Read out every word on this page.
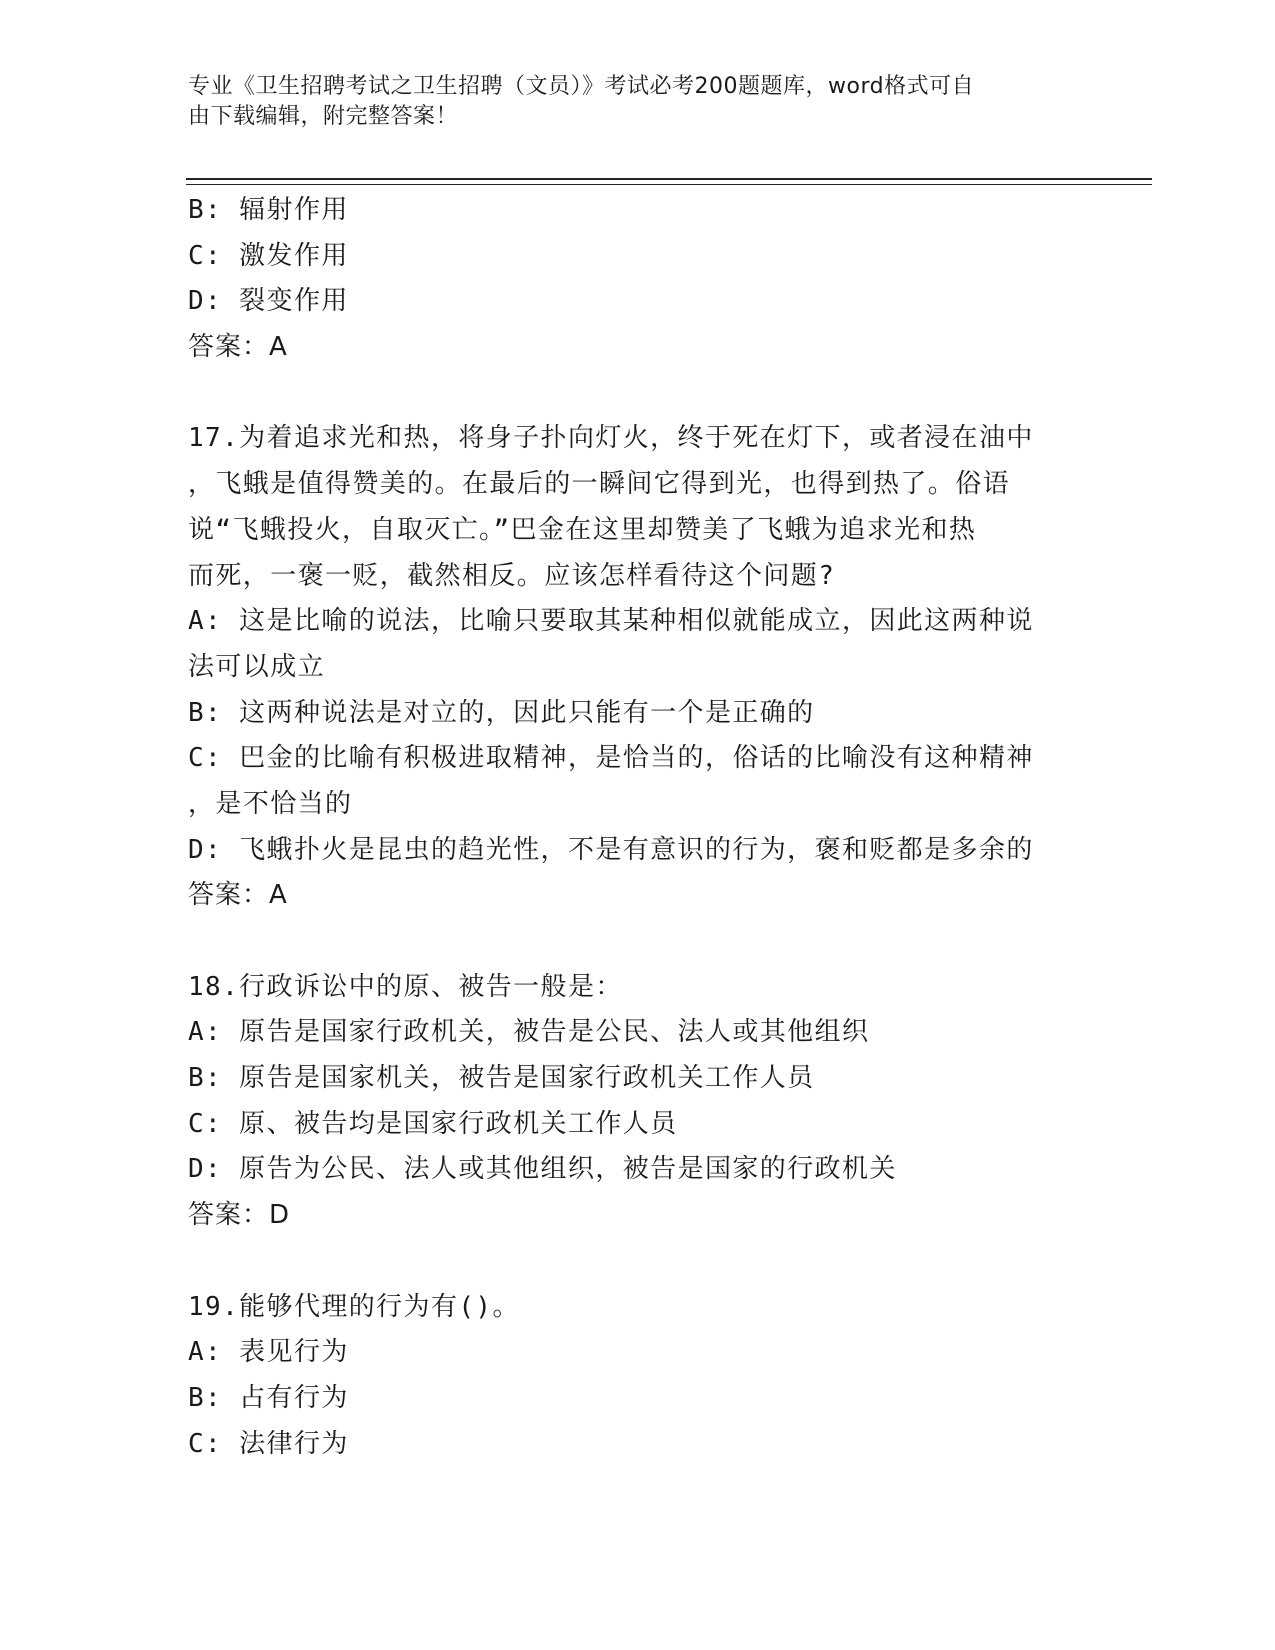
专业《卫生招聘考试之卫生招聘（文员）》考试必考200题题库，word格式可自
由下载编辑，附完整答案！
B: 辐射作用
C: 激发作用
D: 裂变作用
答案：A
17.为着追求光和热，将身子扑向灯火，终于死在灯下，或者浸在油中
，飞蛾是值得赞美的。在最后的一瞬间它得到光，也得到热了。俗语
说“飞蛾投火，自取灭亡。”巴金在这里却赞美了飞蛾为追求光和热
而死，一褒一贬，截然相反。应该怎样看待这个问题?
A: 这是比喻的说法，比喻只要取其某种相似就能成立，因此这两种说
法可以成立
B: 这两种说法是对立的，因此只能有一个是正确的
C: 巴金的比喻有积极进取精神，是恰当的，俗话的比喻没有这种精神
，是不恰当的
D: 飞蛾扑火是昆虫的趋光性，不是有意识的行为，褒和贬都是多余的
答案：A
18.行政诉讼中的原、被告一般是：
A: 原告是国家行政机关，被告是公民、法人或其他组织
B: 原告是国家机关，被告是国家行政机关工作人员
C: 原、被告均是国家行政机关工作人员
D: 原告为公民、法人或其他组织，被告是国家的行政机关
答案：D
19.能够代理的行为有()。
A: 表见行为
B: 占有行为
C: 法律行为
